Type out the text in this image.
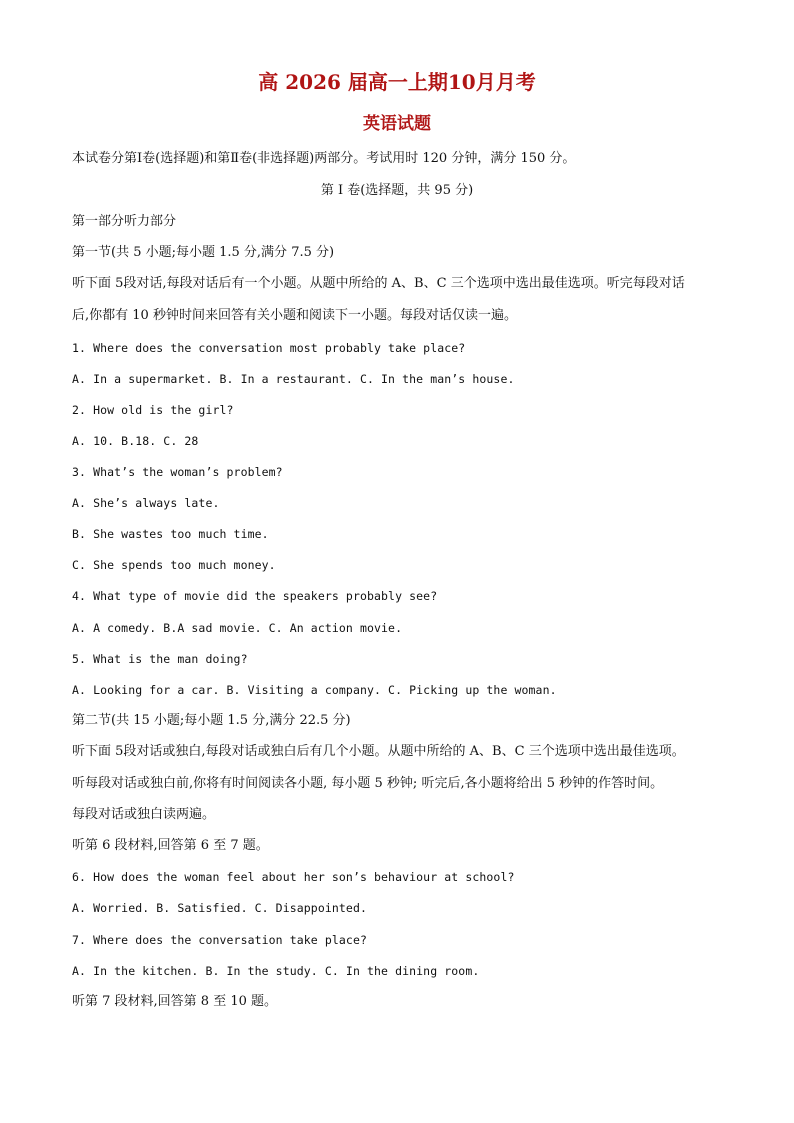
高 2026 届高一上期10月月考
英语试题
本试卷分第Ⅰ卷(选择题)和第Ⅱ卷(非选择题)两部分。考试用时 120 分钟，满分 150 分。
第 I 卷(选择题，共 95 分)
第一部分听力部分
第一节(共 5 小题;每小题 1.5 分,满分 7.5 分)
听下面 5段对话,每段对话后有一个小题。从题中所给的 A、B、C 三个选项中选出最佳选项。听完每段对话
后,你都有 10 秒钟时间来回答有关小题和阅读下一小题。每段对话仅读一遍。
1. Where does the conversation most probably take place?
A. In a supermarket. B. In a restaurant. C. In the man’s house.
2. How old is the girl?
A. 10. B.18. C. 28
3. What’s the woman’s problem?
A. She’s always late.
B. She wastes too much time.
C. She spends too much money.
4. What type of movie did the speakers probably see?
A. A comedy. B.A sad movie. C. An action movie.
5. What is the man doing?
A. Looking for a car. B. Visiting a company. C. Picking up the woman.
第二节(共 15 小题;每小题 1.5 分,满分 22.5 分)
听下面 5段对话或独白,每段对话或独白后有几个小题。从题中所给的 A、B、C 三个选项中选出最佳选项。
听每段对话或独白前,你将有时间阅读各小题, 每小题 5 秒钟; 听完后,各小题将给出 5 秒钟的作答时间。
每段对话或独白读两遍。
听第 6 段材料,回答第 6 至 7 题。
6. How does the woman feel about her son’s behaviour at school?
A. Worried. B. Satisfied. C. Disappointed.
7. Where does the conversation take place?
A. In the kitchen. B. In the study. C. In the dining room.
听第 7 段材料,回答第 8 至 10 题。
